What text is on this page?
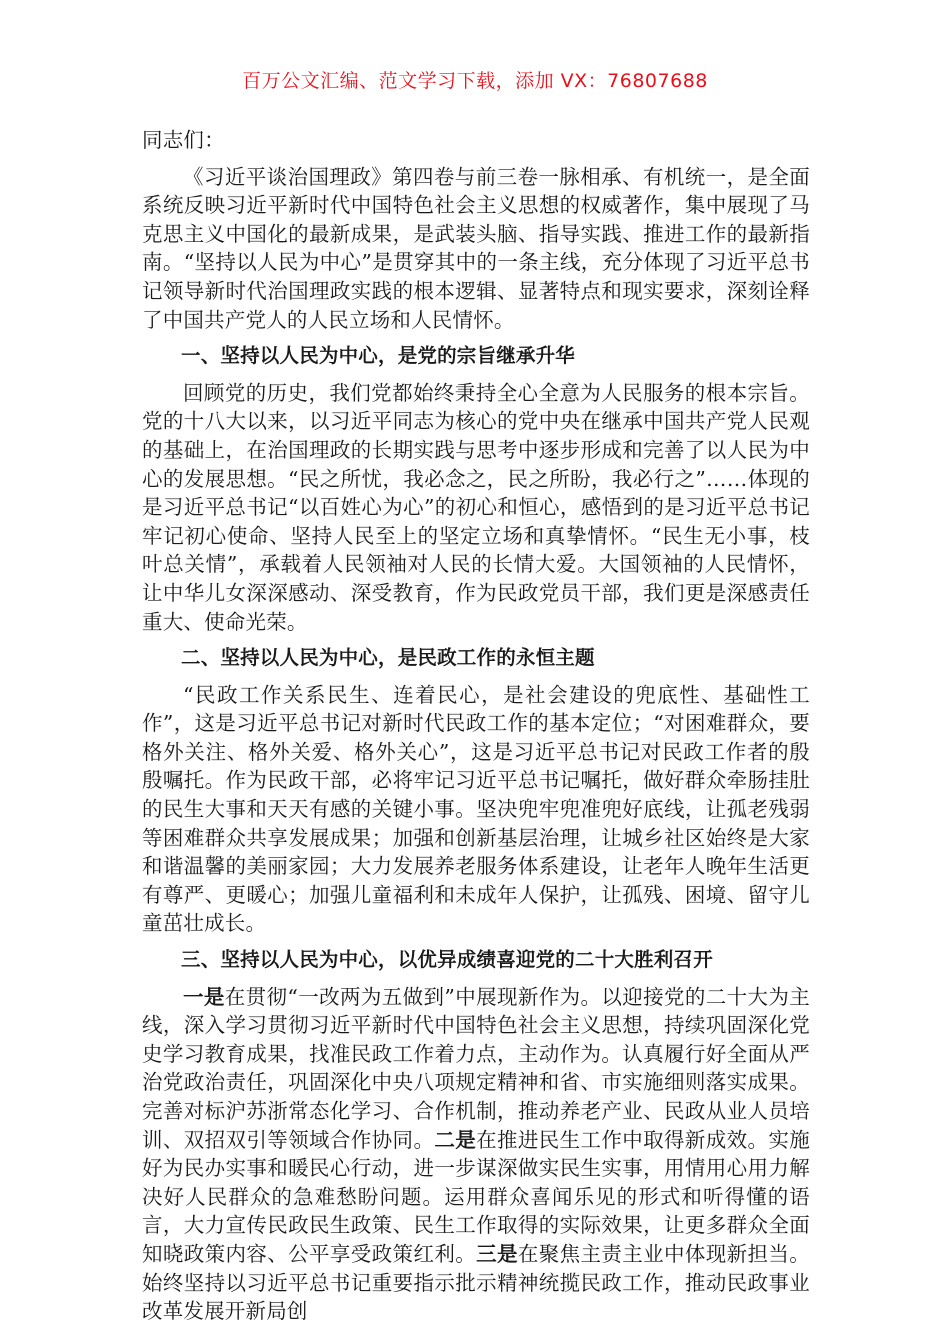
百万公文汇编、范文学习下载，添加 VX：76807688

同志们：

《习近平谈治国理政》第四卷与前三卷一脉相承、有机统一，是全面系统反映习近平新时代中国特色社会主义思想的权威著作，集中展现了马克思主义中国化的最新成果，是武装头脑、指导实践、推进工作的最新指南。“坚持以人民为中心”是贯穿其中的一条主线，充分体现了习近平总书记领导新时代治国理政实践的根本逻辑、显著特点和现实要求，深刻诠释了中国共产党人的人民立场和人民情怀。

一、坚持以人民为中心，是党的宗旨继承升华

回顾党的历史，我们党都始终秉持全心全意为人民服务的根本宗旨。党的十八大以来，以习近平同志为核心的党中央在继承中国共产党人民观的基础上，在治国理政的长期实践与思考中逐步形成和完善了以人民为中心的发展思想。“民之所忧，我必念之，民之所盼，我必行之”……体现的是习近平总书记“以百姓心为心”的初心和恒心，感悟到的是习近平总书记牢记初心使命、坚持人民至上的坚定立场和真挚情怀。“民生无小事，枝叶总关情”，承载着人民领袖对人民的长情大爱。大国领袖的人民情怀，让中华儿女深深感动、深受教育，作为民政党员干部，我们更是深感责任重大、使命光荣。

二、坚持以人民为中心，是民政工作的永恒主题

“民政工作关系民生、连着民心，是社会建设的兜底性、基础性工作”，这是习近平总书记对新时代民政工作的基本定位；“对困难群众，要格外关注、格外关爱、格外关心”，这是习近平总书记对民政工作者的殷殷嘱托。作为民政干部，必将牢记习近平总书记嘱托，做好群众牵肠挂肚的民生大事和天天有感的关键小事。坚决兜牢兜准兜好底线，让孤老残弱等困难群众共享发展成果；加强和创新基层治理，让城乡社区始终是大家和谐温馨的美丽家园；大力发展养老服务体系建设，让老年人晚年生活更有尊严、更暖心；加强儿童福利和未成年人保护，让孤残、困境、留守儿童茁壮成长。

三、坚持以人民为中心，以优异成绩喜迎党的二十大胜利召开

一是在贯彻“一改两为五做到”中展现新作为。以迎接党的二十大为主线，深入学习贯彻习近平新时代中国特色社会主义思想，持续巩固深化党史学习教育成果，找准民政工作着力点，主动作为。认真履行好全面从严治党政治责任，巩固深化中央八项规定精神和省、市实施细则落实成果。完善对标沪苏浙常态化学习、合作机制，推动养老产业、民政从业人员培训、双招双引等领域合作协同。二是在推进民生工作中取得新成效。实施好为民办实事和暖民心行动，进一步谋深做实民生实事，用情用心用力解决好人民群众的急难愁盼问题。运用群众喜闻乐见的形式和听得懂的语言，大力宣传民政民生政策、民生工作取得的实际效果，让更多群众全面知晓政策内容、公平享受政策红利。三是在聚焦主责主业中体现新担当。始终坚持以习近平总书记重要指示批示精神统揽民政工作，推动民政事业改革发展开新局创
